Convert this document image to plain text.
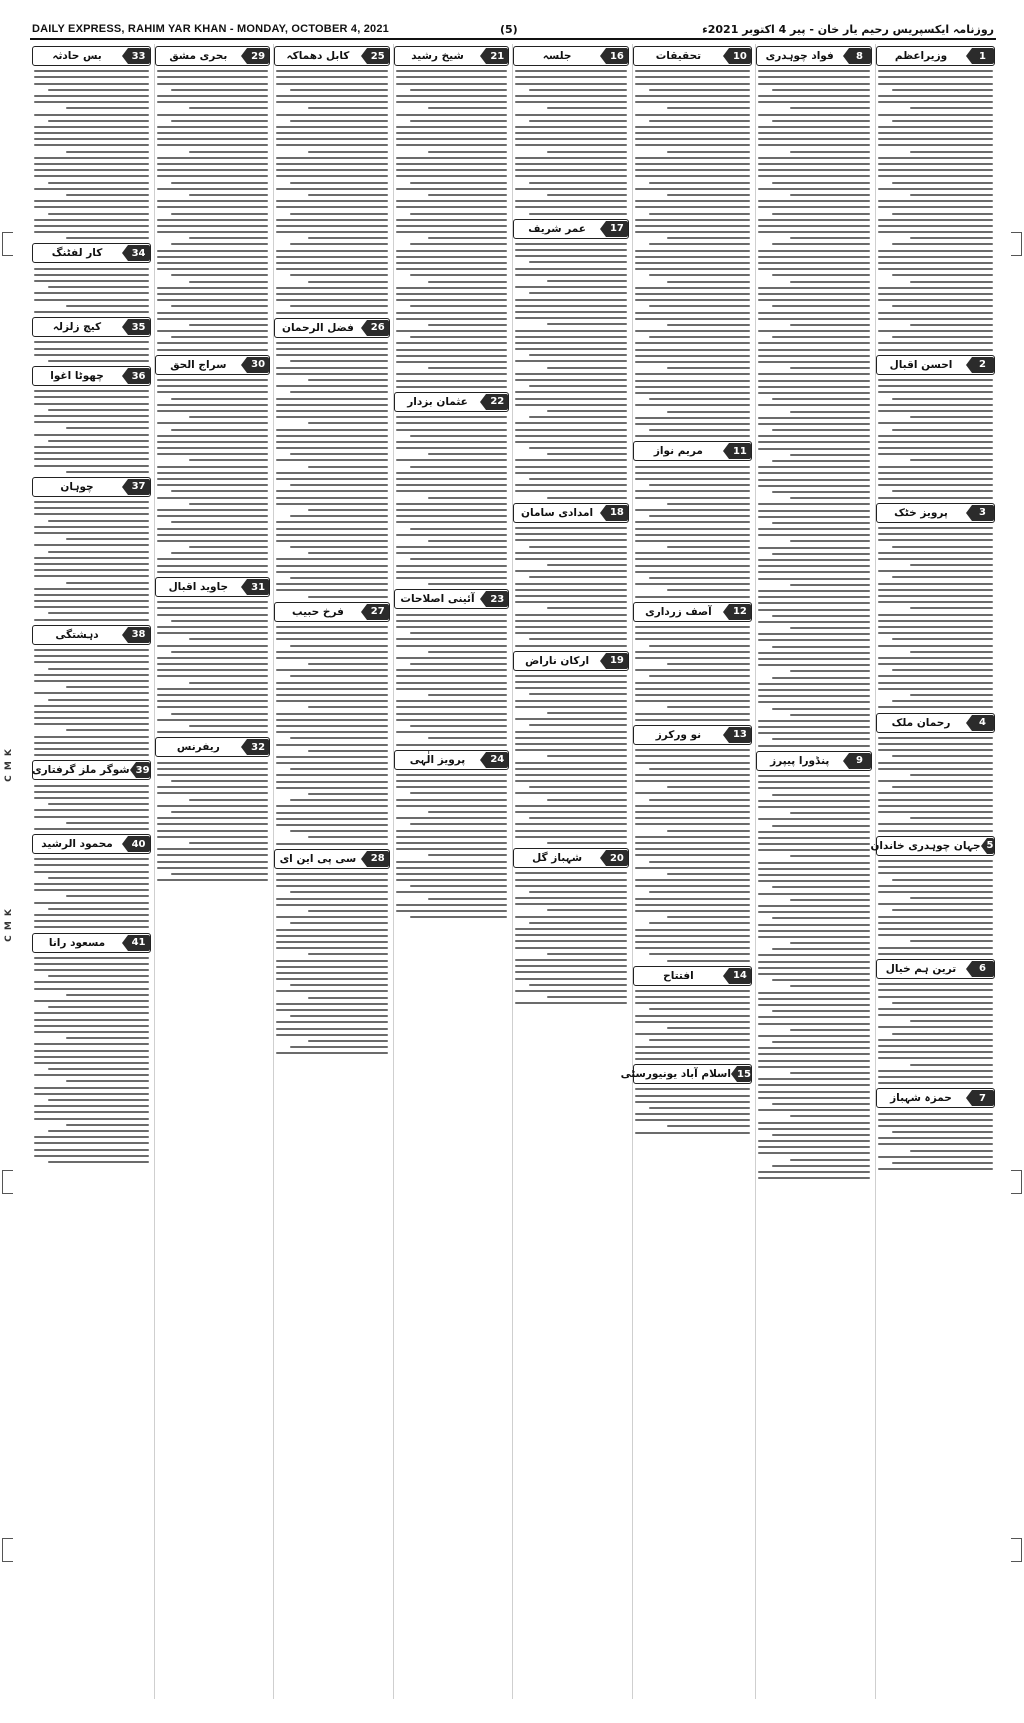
DAILY EXPRESS, RAHIM YAR KHAN - MONDAY, OCTOBER 4, 2021	(5)	روزنامہ ایکسپریس رحیم یار خان - پیر 4 اکتوبر 2021ء
1
وزیراعظم
2
احسن اقبال
3
پرویز خٹک
4
رحمان ملک
5
جہان چوہدری خاندان
6
ترین ہم خیال
7
حمزہ شہباز
8
فواد چوہدری
9
پنڈورا پیپرز
10
تحقیقات
11
مریم نواز
12
آصف زرداری
13
نو ورکرز
14
افتتاح
15
اسلام آباد یونیورسٹی
16
جلسہ
17
عمر شریف
18
امدادی سامان
19
ارکان ناراض
20
شہباز گل
21
شیخ رشید
22
عثمان بزدار
23
آئینی اصلاحات
24
پرویز الٰہی
25
کابل دھماکہ
26
فضل الرحمان
27
فرخ حبیب
28
سی پی این ای
29
بحری مشق
30
سراج الحق
31
جاوید اقبال
32
ریفرنس
33
بس حادثہ
34
کار لفٹنگ
35
کیچ زلزلہ
36
چھوٹا اغوا
37
چوہان
38
دہشتگی
39
شوگر ملز گرفتاری
40
محمود الرشید
41
مسعود رانا
C M K
C M K
